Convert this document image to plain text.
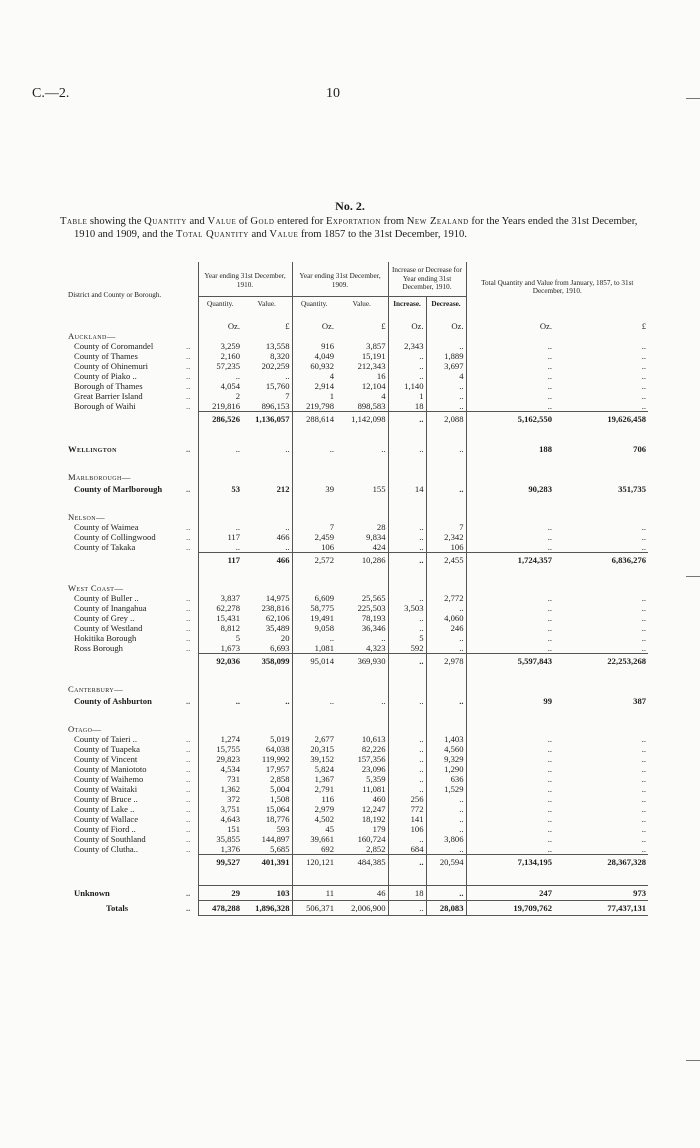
C.—2.	10
No. 2.
Table showing the Quantity and Value of Gold entered for Exportation from New Zealand for the Years ended the 31st December, 1910 and 1909, and the Total Quantity and Value from 1857 to the 31st December, 1910.
District and County or Borough.		Year ending 31st December, 1910.		Year ending 31st December, 1909.		Increase or Decrease for Year ending 31st December, 1910.		Total Quantity and Value from January, 1857, to 31st December, 1910.	
		Quantity.	Value.	Quantity.	Value.	Increase.	Decrease.		

		Oz.	£	Oz.	£	Oz.	Oz.	Oz.	£
Auckland—									
County of Coromandel	..	3,259	13,558	916	3,857	2,343	..	..	..
County of Thames	..	2,160	8,320	4,049	15,191	..	1,889	..	..
County of Ohinemuri	..	57,235	202,259	60,932	212,343	..	3,697	..	..
County of Piako ..	..	..	..	4	16	..	4	..	..
Borough of Thames	..	4,054	15,760	2,914	12,104	1,140	..	..	..
Great Barrier Island	..	2	7	1	4	1	..	..	..
Borough of Waihi	..	219,816	896,153	219,798	898,583	18	..	..	..
		286,526	1,136,057	288,614	1,142,098	..	2,088	5,162,550	19,626,458

Wellington	..	..	..	..	..	..	..	188	706

Marlborough—									
County of Marlborough	..	53	212	39	155	14	..	90,283	351,735

Nelson—									
County of Waimea	..	..	..	7	28	..	7	..	..
County of Collingwood	..	117	466	2,459	9,834	..	2,342	..	..
County of Takaka	..	..	..	106	424	..	106	..	..
		117	466	2,572	10,286	..	2,455	1,724,357	6,836,276

West Coast—									
County of Buller ..	..	3,837	14,975	6,609	25,565	..	2,772	..	..
County of Inangahua	..	62,278	238,816	58,775	225,503	3,503	..	..	..
County of Grey ..	..	15,431	62,106	19,491	78,193	..	4,060	..	..
County of Westland	..	8,812	35,489	9,058	36,346	..	246	..	..
Hokitika Borough	..	5	20	..	..	5	..	..	..
Ross Borough	..	1,673	6,693	1,081	4,323	592	..	..	..
		92,036	358,099	95,014	369,930	..	2,978	5,597,843	22,253,268

Canterbury—									
County of Ashburton	..	..	..	..	..	..	..	99	387

Otago—									
County of Taieri ..	..	1,274	5,019	2,677	10,613	..	1,403	..	..
County of Tuapeka	..	15,755	64,038	20,315	82,226	..	4,560	..	..
County of Vincent	..	29,823	119,992	39,152	157,356	..	9,329	..	..
County of Maniototo	..	4,534	17,957	5,824	23,096	..	1,290	..	..
County of Waihemo	..	731	2,858	1,367	5,359	..	636	..	..
County of Waitaki	..	1,362	5,004	2,791	11,081	..	1,529	..	..
County of Bruce ..	..	372	1,508	116	460	256	..	..	..
County of Lake ..	..	3,751	15,064	2,979	12,247	772	..	..	..
County of Wallace	..	4,643	18,776	4,502	18,192	141	..	..	..
County of Fiord ..	..	151	593	45	179	106	..	..	..
County of Southland	..	35,855	144,897	39,661	160,724	..	3,806	..	..
County of Clutha..	..	1,376	5,685	692	2,852	684	..	..	..
		99,527	401,391	120,121	484,385	..	20,594	7,134,195	28,367,328

Unknown	..	29	103	11	46	18	..	247	973
Totals	..	478,288	1,896,328	506,371	2,006,900	..	28,083	19,709,762	77,437,131
